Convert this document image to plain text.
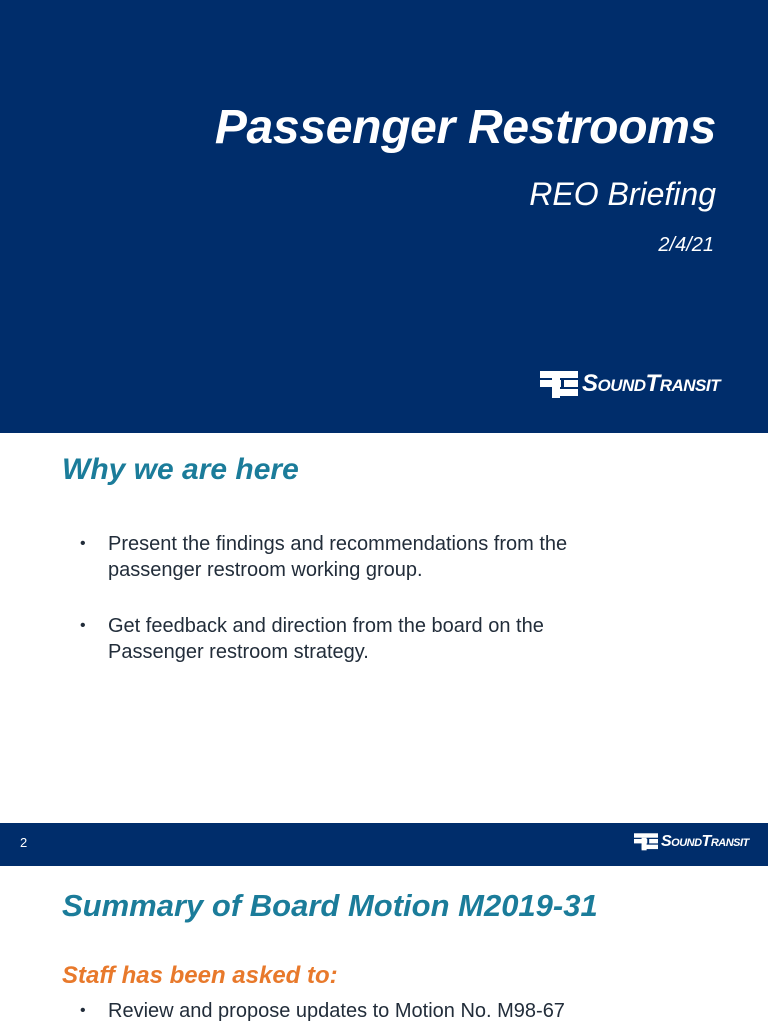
Passenger Restrooms
REO Briefing
2/4/21
SoundTransit
Why we are here
• Present the findings and recommendations from the passenger restroom working group.
• Get feedback and direction from the board on the Passenger restroom strategy.
2	SoundTransit
Summary of Board Motion M2019-31
Staff has been asked to:
• Review and propose updates to Motion No. M98-67
